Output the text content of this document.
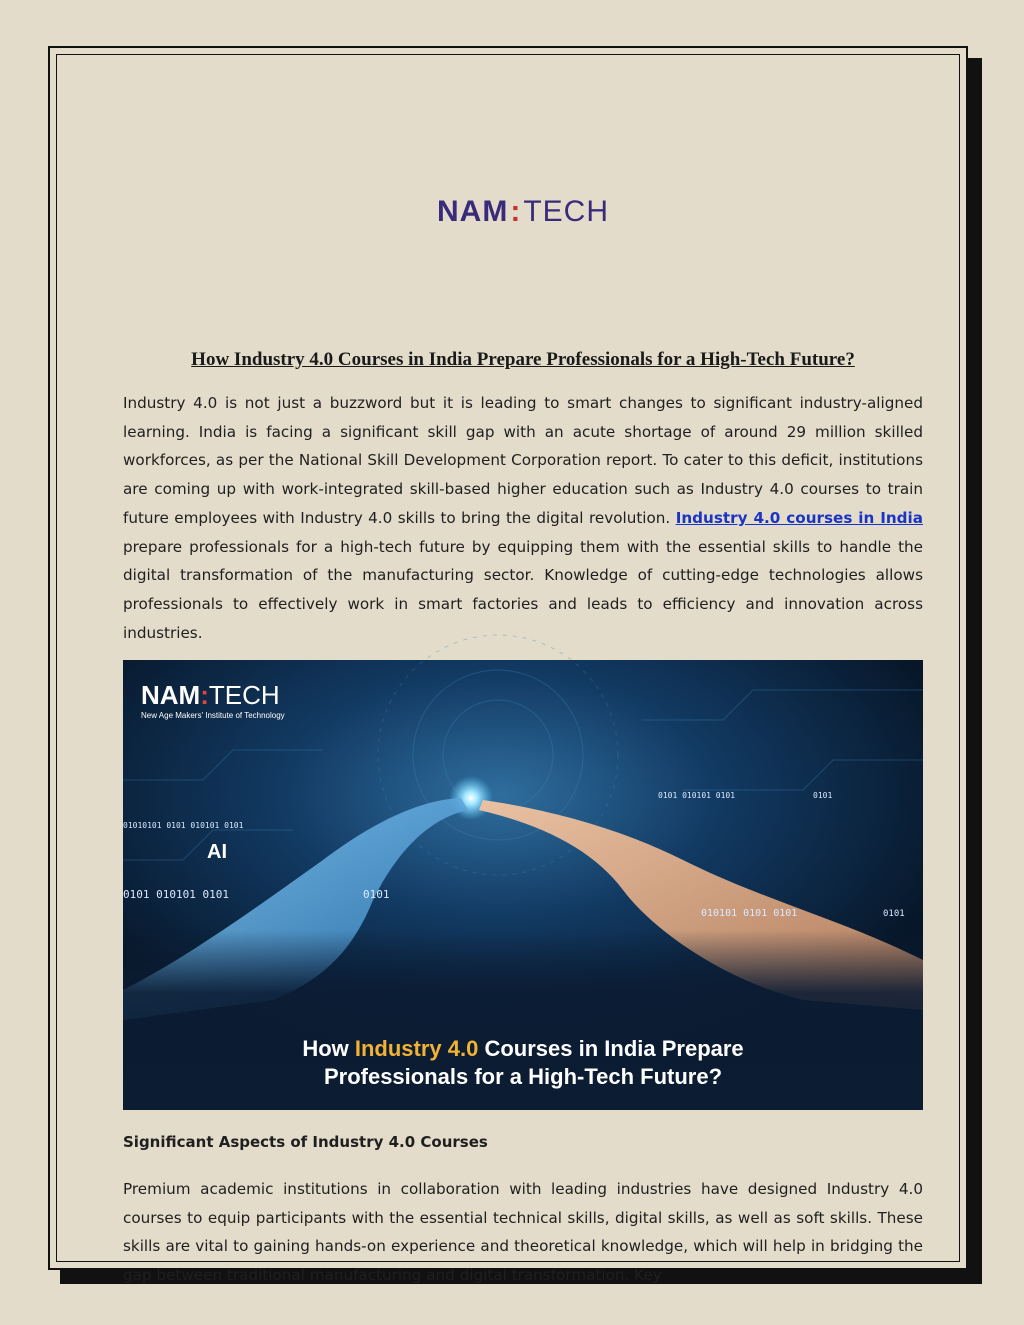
NAM:TECH
How Industry 4.0 Courses in India Prepare Professionals for a High-Tech Future?
Industry 4.0 is not just a buzzword but it is leading to smart changes to significant industry-aligned learning. India is facing a significant skill gap with an acute shortage of around 29 million skilled workforces, as per the National Skill Development Corporation report. To cater to this deficit, institutions are coming up with work-integrated skill-based higher education such as Industry 4.0 courses to train future employees with Industry 4.0 skills to bring the digital revolution. Industry 4.0 courses in India prepare professionals for a high-tech future by equipping them with the essential skills to handle the digital transformation of the manufacturing sector. Knowledge of cutting-edge technologies allows professionals to effectively work in smart factories and leads to efficiency and innovation across industries.
NAM:TECH
New Age Makers' Institute of Technology
AI
0101 010101 0101	0101
0101 010101 0101	0101
01010101 0101 010101 0101
0101
010101 0101 0101
How Industry 4.0 Courses in India Prepare
Professionals for a High-Tech Future?
Significant Aspects of Industry 4.0 Courses
Premium academic institutions in collaboration with leading industries have designed Industry 4.0 courses to equip participants with the essential technical skills, digital skills, as well as soft skills. These skills are vital to gaining hands-on experience and theoretical knowledge, which will help in bridging the gap between traditional manufacturing and digital transformation. Key
